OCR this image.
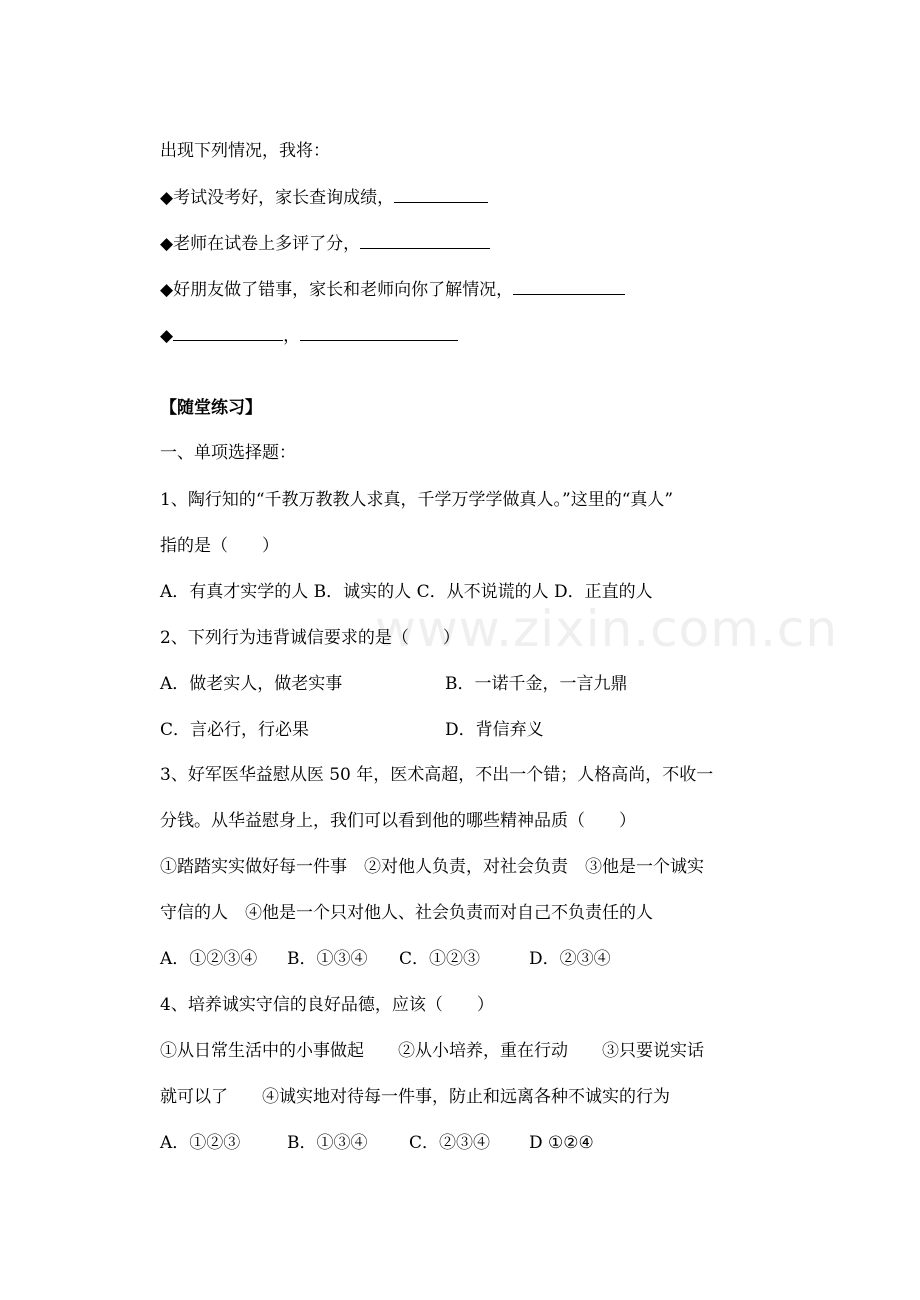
www.zixin.com.cn
出现下列情况，我将：
◆考试没考好，家长查询成绩，
◆老师在试卷上多评了分，
◆好朋友做了错事，家长和老师向你了解情况，
◆	，
【随堂练习】
一、单项选择题：
1、陶行知的“千教万教教人求真，千学万学学做真人。”这里的“真人”
指的是（　　）
A．有真才实学的人 B．诚实的人 C．从不说谎的人 D．正直的人
2、下列行为违背诚信要求的是（　　）
A．做老实人，做老实事	B．一诺千金，一言九鼎
C．言必行，行必果	D．背信弃义
3、好军医华益慰从医 50 年，医术高超，不出一个错；人格高尚，不收一
分钱。从华益慰身上，我们可以看到他的哪些精神品质（　　）
①踏踏实实做好每一件事　②对他人负责，对社会负责　③他是一个诚实
守信的人　④他是一个只对他人、社会负责而对自己不负责任的人
A．①②③④ B．①③④ C．①②③	D．②③④
4、培养诚实守信的良好品德，应该（　　）
①从日常生活中的小事做起　　②从小培养，重在行动　　③只要说实话
就可以了　　④诚实地对待每一件事，防止和远离各种不诚实的行为
A．①②③	B．①③④ C．②③④ D ①②④
